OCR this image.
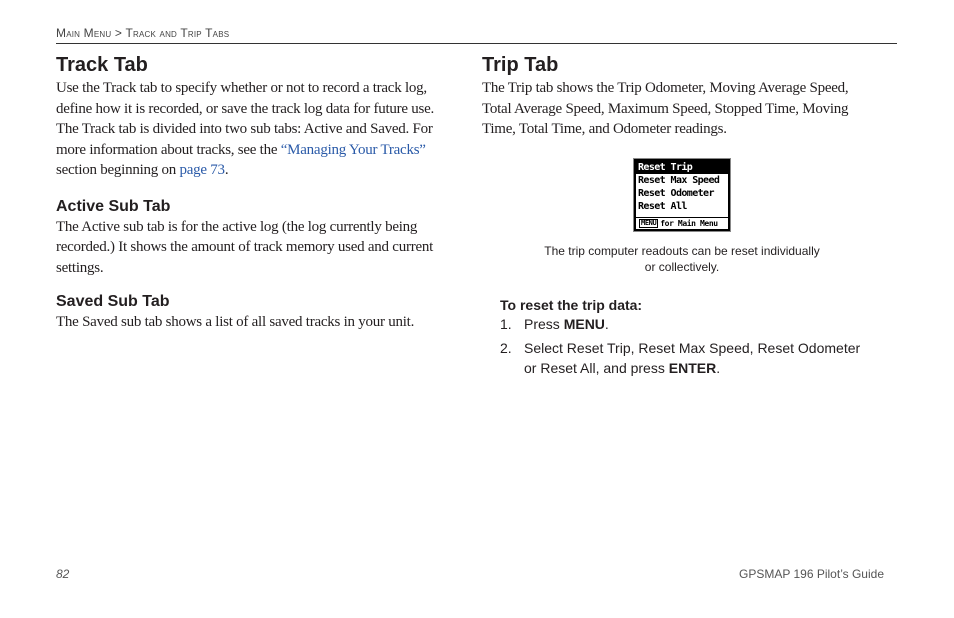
Main Menu > Track and Trip Tabs
Track Tab

Use the Track tab to specify whether or not to record a track log, define how it is recorded, or save the track log data for future use. The Track tab is divided into two sub tabs: Active and Saved. For more information about tracks, see the “Managing Your Tracks” section beginning on page 73.

Active Sub Tab

The Active sub tab is for the active log (the log currently being recorded.) It shows the amount of track memory used and current settings.

Saved Sub Tab

The Saved sub tab shows a list of all saved tracks in your unit.

Trip Tab

The Trip tab shows the Trip Odometer, Moving Average Speed, Total Average Speed, Maximum Speed, Stopped Time, Moving Time, Total Time, and Odometer readings.

Reset Trip
Reset Max Speed
Reset Odometer
Reset All
MENU for Main Menu
The trip computer readouts can be reset individually
or collectively.
To reset the trip data:
1. Press MENU.
2. Select Reset Trip, Reset Max Speed, Reset Odometer or Reset All, and press ENTER.
82	GPSMAP 196 Pilot’s Guide
